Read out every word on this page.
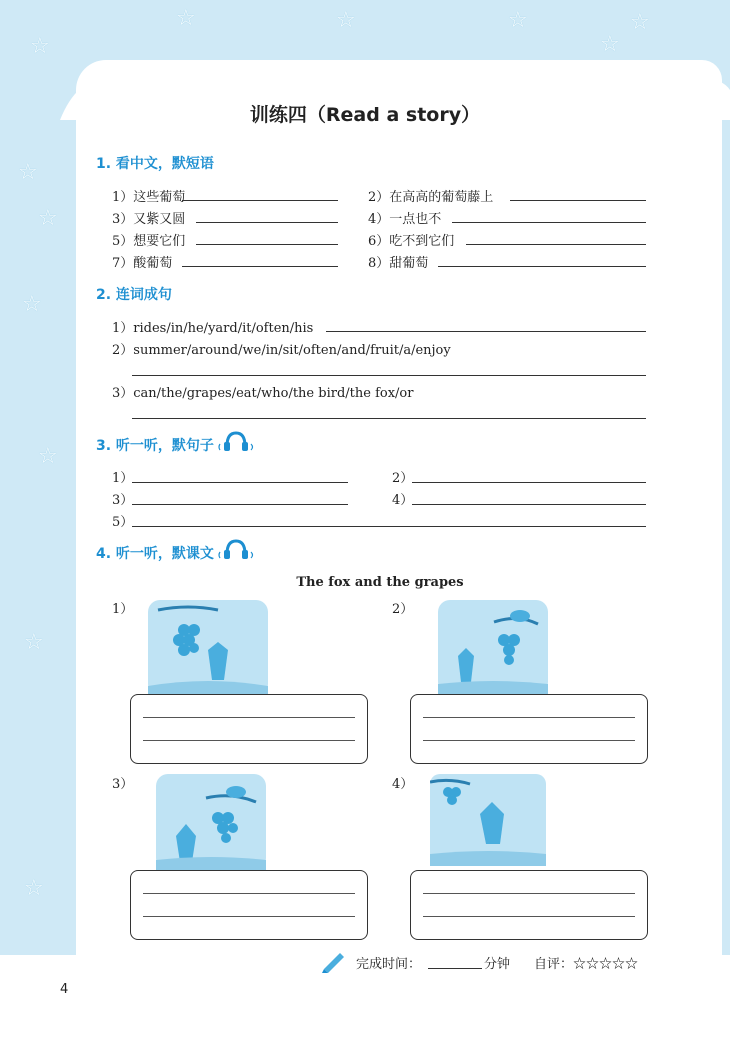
☆	☆	☆	☆
☆
☆
☆
☆
☆
☆
☆
☆
训练四（Read a story）
1. 看中文，默短语
1）这些葡萄	2）在高高的葡萄藤上
3）又紫又圆	4）一点也不
5）想要它们	6）吃不到它们
7）酸葡萄	8）甜葡萄
2. 连词成句
1）rides/in/he/yard/it/often/his
2）summer/around/we/in/sit/often/and/fruit/a/enjoy
3）can/the/grapes/eat/who/the bird/the fox/or
3. 听一听，默句子
1）	2）
3）	4）
5）
4. 听一听，默课文
The fox and the grapes
1）	2）
3）	4）
完成时间：	分钟 自评：☆☆☆☆☆
4
